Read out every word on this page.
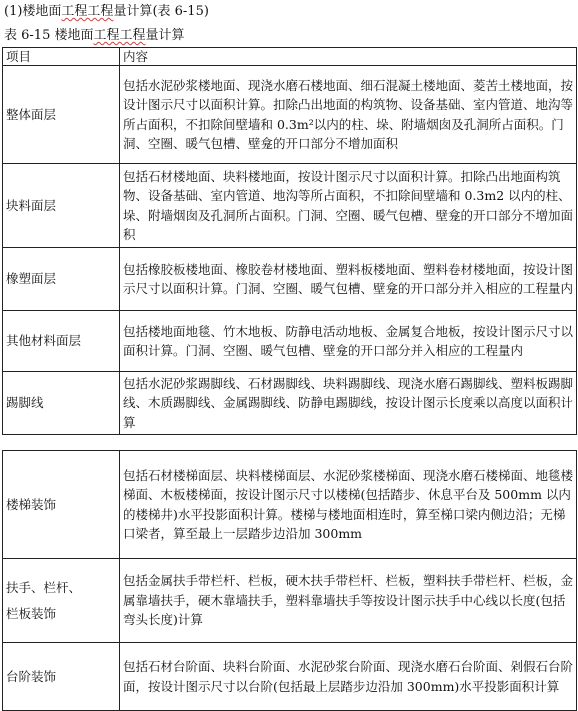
(1)楼地面工程工程量计算(表 6-15)
表 6-15 楼地面工程工程量计算
项目	内容
整体面层	包括水泥砂浆楼地面、现浇水磨石楼地面、细石混凝土楼地面、菱苦土楼地面，按设计图示尺寸以面积计算。扣除凸出地面的构筑物、设备基础、室内管道、地沟等所占面积，不扣除间壁墙和 0.3m²以内的柱、垛、附墙烟囱及孔洞所占面积。门洞、空圈、暖气包槽、壁龛的开口部分不增加面积
块料面层	包括石材楼地面、块料楼地面，按设计图示尺寸以面积计算。扣除凸出地面构筑物、设备基础、室内管道、地沟等所占面积，不扣除间壁墙和 0.3m2 以内的柱、垛、附墙烟囱及孔洞所占面积。门洞、空圈、暖气包槽、壁龛的开口部分不增加面积
橡塑面层	包括橡胶板楼地面、橡胶卷材楼地面、塑料板楼地面、塑料卷材楼地面，按设计图示尺寸以面积计算。门洞、空圈、暖气包槽、壁龛的开口部分并入相应的工程量内
其他材料面层	包括楼地面地毯、竹木地板、防静电活动地板、金属复合地板，按设计图示尺寸以面积计算。门洞、空圈、暖气包槽、壁龛的开口部分并入相应的工程量内
踢脚线	包括水泥砂浆踢脚线、石材踢脚线、块料踢脚线、现浇水磨石踢脚线、塑料板踢脚线、木质踢脚线、金属踢脚线、防静电踢脚线，按设计图示长度乘以高度以面积计算
楼梯装饰	包括石材楼梯面层、块料楼梯面层、水泥砂浆楼梯面、现浇水磨石楼梯面、地毯楼梯面、木板楼梯面，按设计图示尺寸以楼梯(包括踏步、休息平台及 500mm 以内的楼梯井)水平投影面积计算。楼梯与楼地面相连时，算至梯口梁内侧边沿；无梯口梁者，算至最上一层踏步边沿加 300mm
扶手、栏杆、
栏板装饰	包括金属扶手带栏杆、栏板，硬木扶手带栏杆、栏板，塑料扶手带栏杆、栏板，金属靠墙扶手，硬木靠墙扶手，塑料靠墙扶手等按设计图示扶手中心线以长度(包括弯头长度)计算
台阶装饰	包括石材台阶面、块料台阶面、水泥砂浆台阶面、现浇水磨石台阶面、剁假石台阶面，按设计图示尺寸以台阶(包括最上层踏步边沿加 300mm)水平投影面积计算
